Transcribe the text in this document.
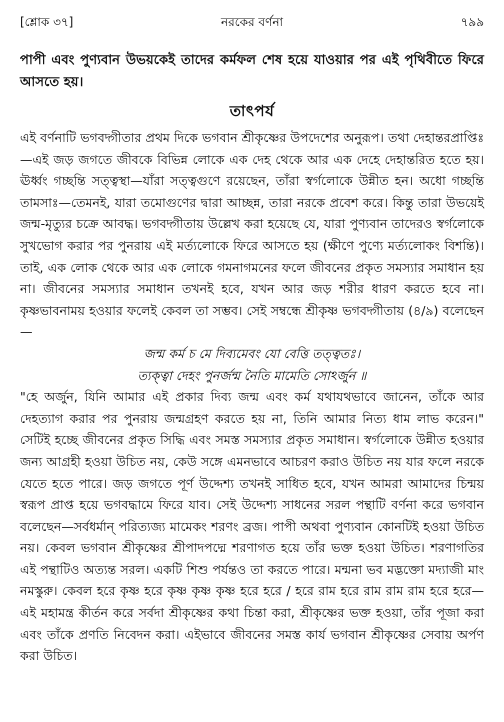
[শ্লোক ৩৭]	নরকের বর্ণনা	৭৯৯
পাপী এবং পুণ্যবান উভয়কেই তাদের কর্মফল শেষ হয়ে যাওয়ার পর এই পৃথিবীতে ফিরে আসতে হয়।
তাৎপর্য

এই বর্ণনাটি ভগবদ্গীতার প্রথম দিকে ভগবান শ্রীকৃষ্ণের উপদেশের অনুরূপ। তথা দেহান্তরপ্রাপ্তিঃ—এই জড় জগতে জীবকে বিভিন্ন লোকে এক দেহ থেকে আর এক দেহে দেহান্তরিত হতে হয়। ঊর্ধ্বং গচ্ছন্তি সত্ত্বস্থা—যাঁরা সত্ত্বগুণে রয়েছেন, তাঁরা স্বর্গলোকে উন্নীত হন। অধো গচ্ছন্তি তামসাঃ—তেমনই, যারা তমোগুণের দ্বারা আচ্ছন্ন, তারা নরকে প্রবেশ করে। কিন্তু তারা উভয়েই জন্ম-মৃত্যুর চক্রে আবদ্ধ। ভগবদ্গীতায় উল্লেখ করা হয়েছে যে, যারা পুণ্যবান তাদেরও স্বর্গলোকে সুখভোগ করার পর পুনরায় এই মর্ত্যলোকে ফিরে আসতে হয় (ক্ষীণে পুণ্যে মর্ত্যলোকং বিশন্তি)। তাই, এক লোক থেকে আর এক লোকে গমনাগমনের ফলে জীবনের প্রকৃত সমস্যার সমাধান হয় না। জীবনের সমস্যার সমাধান তখনই হবে, যখন আর জড় শরীর ধারণ করতে হবে না। কৃষ্ণভাবনাময় হওয়ার ফলেই কেবল তা সম্ভব। সেই সম্বন্ধে শ্রীকৃষ্ণ ভগবদ্গীতায় (৪/৯) বলেছেন—

জন্ম কর্ম চ মে দিব্যমেবং যো বেত্তি তত্ত্বতঃ।

ত্যক্ত্বা দেহং পুনর্জন্ম নৈতি মামেতি সোঽর্জুন ॥

"হে অর্জুন, যিনি আমার এই প্রকার দিব্য জন্ম এবং কর্ম যথাযথভাবে জানেন, তাঁকে আর দেহত্যাগ করার পর পুনরায় জন্মগ্রহণ করতে হয় না, তিনি আমার নিত্য ধাম লাভ করেন।" সেটিই হচ্ছে জীবনের প্রকৃত সিদ্ধি এবং সমস্ত সমস্যার প্রকৃত সমাধান। স্বর্গলোকে উন্নীত হওয়ার জন্য আগ্রহী হওয়া উচিত নয়, কেউ সঙ্গে এমনভাবে আচরণ করাও উচিত নয় যার ফলে নরকে যেতে হতে পারে। জড় জগতে পূর্ণ উদ্দেশ্য তখনই সাধিত হবে, যখন আমরা আমাদের চিন্ময় স্বরূপ প্রাপ্ত হয়ে ভগবদ্ধামে ফিরে যাব। সেই উদ্দেশ্য সাধনের সরল পন্থাটি বর্ণনা করে ভগবান বলেছেন—সর্বধর্মান্ পরিত্যজ্য মামেকং শরণং ব্রজ। পাপী অথবা পুণ্যবান কোনটিই হওয়া উচিত নয়। কেবল ভগবান শ্রীকৃষ্ণের শ্রীপাদপদ্মে শরণাগত হয়ে তাঁর ভক্ত হওয়া উচিত। শরণাগতির এই পন্থাটিও অত্যন্ত সরল। একটি শিশু পর্যন্তও তা করতে পারে। মন্মনা ভব মদ্ভক্তো মদ্যাজী মাং নমস্কুরু। কেবল হরে কৃষ্ণ হরে কৃষ্ণ কৃষ্ণ কৃষ্ণ হরে হরে / হরে রাম হরে রাম রাম রাম হরে হরে—এই মহামন্ত্র কীর্তন করে সর্বদা শ্রীকৃষ্ণের কথা চিন্তা করা, শ্রীকৃষ্ণের ভক্ত হওয়া, তাঁর পূজা করা এবং তাঁকে প্রণতি নিবেদন করা। এইভাবে জীবনের সমস্ত কার্য ভগবান শ্রীকৃষ্ণের সেবায় অর্পণ করা উচিত।
